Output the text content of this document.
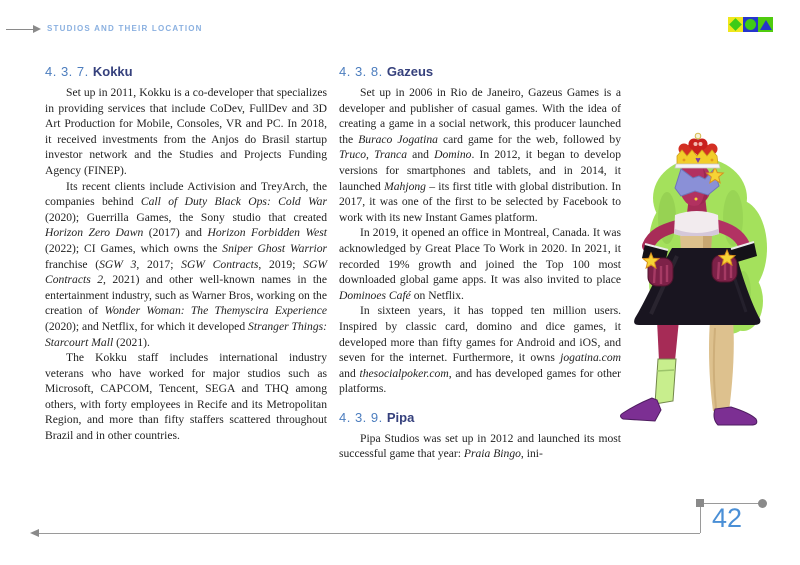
STUDIOS AND THEIR LOCATION
4. 3. 7. Kokku

Set up in 2011, Kokku is a co-developer that specializes in providing services that include CoDev, FullDev and 3D Art Production for Mobile, Consoles, VR and PC. In 2018, it received investments from the Anjos do Brasil startup investor network and the Studies and Projects Funding Agency (FINEP).

Its recent clients include Activision and TreyArch, the companies behind Call of Duty Black Ops: Cold War (2020); Guerrilla Games, the Sony studio that created Horizon Zero Dawn (2017) and Horizon Forbidden West (2022); CI Games, which owns the Sniper Ghost Warrior franchise (SGW 3, 2017; SGW Contracts, 2019; SGW Contracts 2, 2021) and other well-known names in the entertainment industry, such as Warner Bros, working on the creation of Wonder Woman: The Themyscira Experience (2020); and Netflix, for which it developed Stranger Things: Starcourt Mall (2021).

The Kokku staff includes international industry veterans who have worked for major studios such as Microsoft, CAPCOM, Tencent, SEGA and THQ among others, with forty employees in Recife and its Metropolitan Region, and more than fifty staffers scattered throughout Brazil and in other countries.

4. 3. 8. Gazeus

Set up in 2006 in Rio de Janeiro, Gazeus Games is a developer and publisher of casual games. With the idea of creating a game in a social network, this producer launched the Buraco Jogatina card game for the web, followed by Truco, Tranca and Domino. In 2012, it began to develop versions for smartphones and tablets, and in 2014, it launched Mahjong – its first title with global distribution. In 2017, it was one of the first to be selected by Facebook to work with its new Instant Games platform.

In 2019, it opened an office in Montreal, Canada. It was acknowledged by Great Place To Work in 2020. In 2021, it recorded 19% growth and joined the Top 100 most downloaded global game apps. It was also invited to place Dominoes Café on Netflix.

In sixteen years, it has topped ten million users. Inspired by classic card, domino and dice games, it developed more than fifty games for Android and iOS, and seven for the internet. Furthermore, it owns jogatina.com and thesocialpoker.com, and has developed games for other platforms.

4. 3. 9. Pipa

Pipa Studios was set up in 2012 and launched its most successful game that year: Praia Bingo, ini-

42
